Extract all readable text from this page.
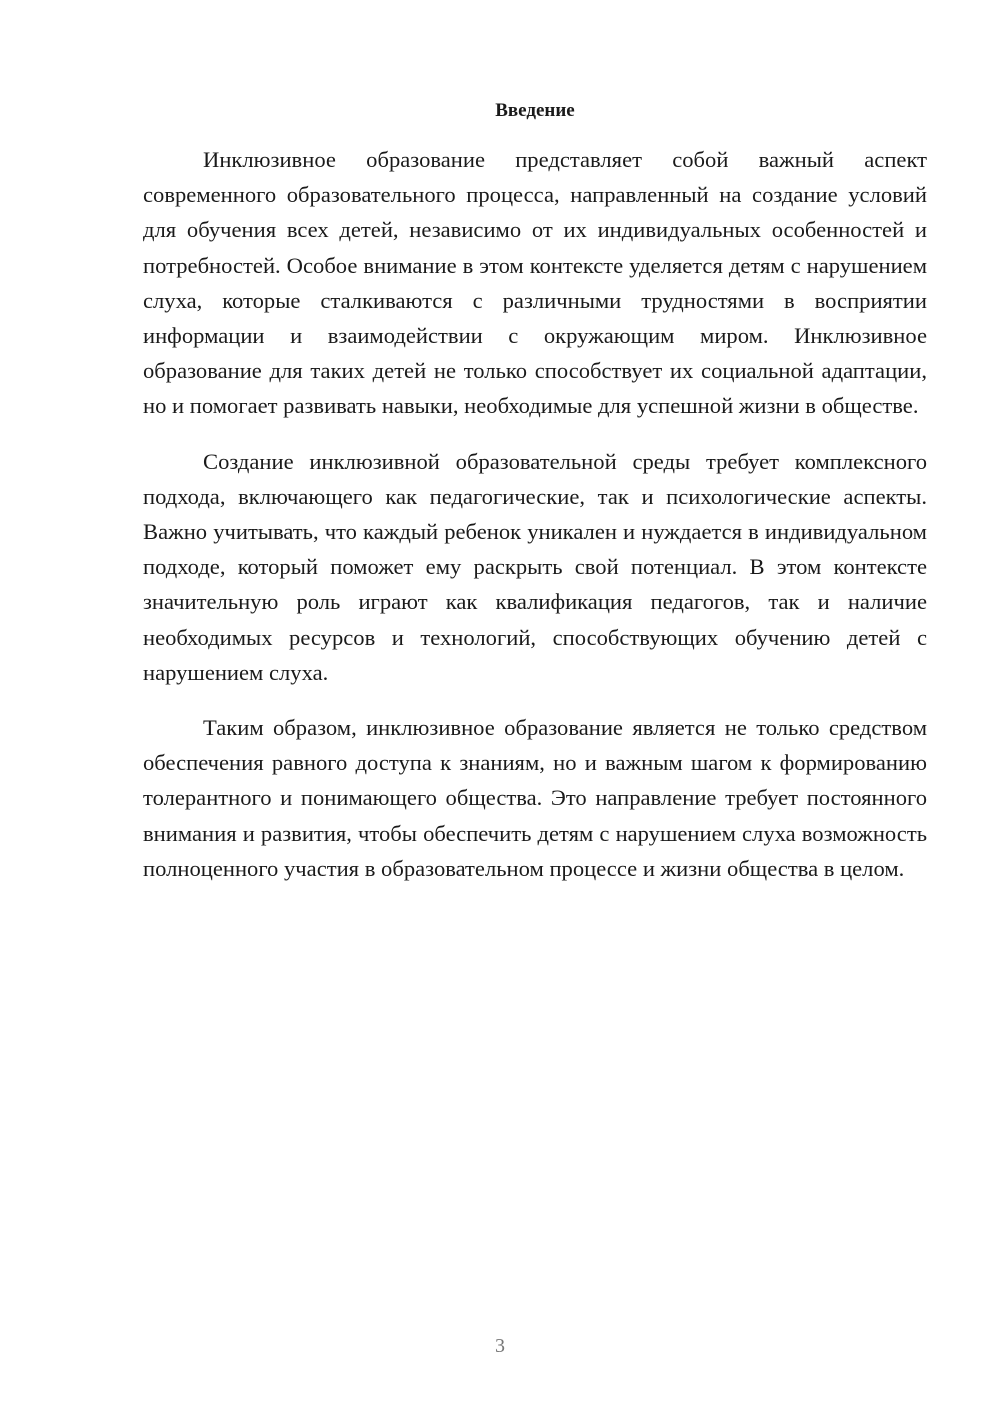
Введение

Инклюзивное образование представляет собой важный аспект современного образовательного процесса, направленный на создание условий для обучения всех детей, независимо от их индивидуальных особенностей и потребностей. Особое внимание в этом контексте уделяется детям с нарушением слуха, которые сталкиваются с различными трудностями в восприятии информации и взаимодействии с окружающим миром. Инклюзивное образование для таких детей не только способствует их социальной адаптации, но и помогает развивать навыки, необходимые для успешной жизни в обществе.

Создание инклюзивной образовательной среды требует комплексного подхода, включающего как педагогические, так и психологические аспекты. Важно учитывать, что каждый ребенок уникален и нуждается в индивидуальном подходе, который поможет ему раскрыть свой потенциал. В этом контексте значительную роль играют как квалификация педагогов, так и наличие необходимых ресурсов и технологий, способствующих обучению детей с нарушением слуха.

Таким образом, инклюзивное образование является не только средством обеспечения равного доступа к знаниям, но и важным шагом к формированию толерантного и понимающего общества. Это направление требует постоянного внимания и развития, чтобы обеспечить детям с нарушением слуха возможность полноценного участия в образовательном процессе и жизни общества в целом.

3
